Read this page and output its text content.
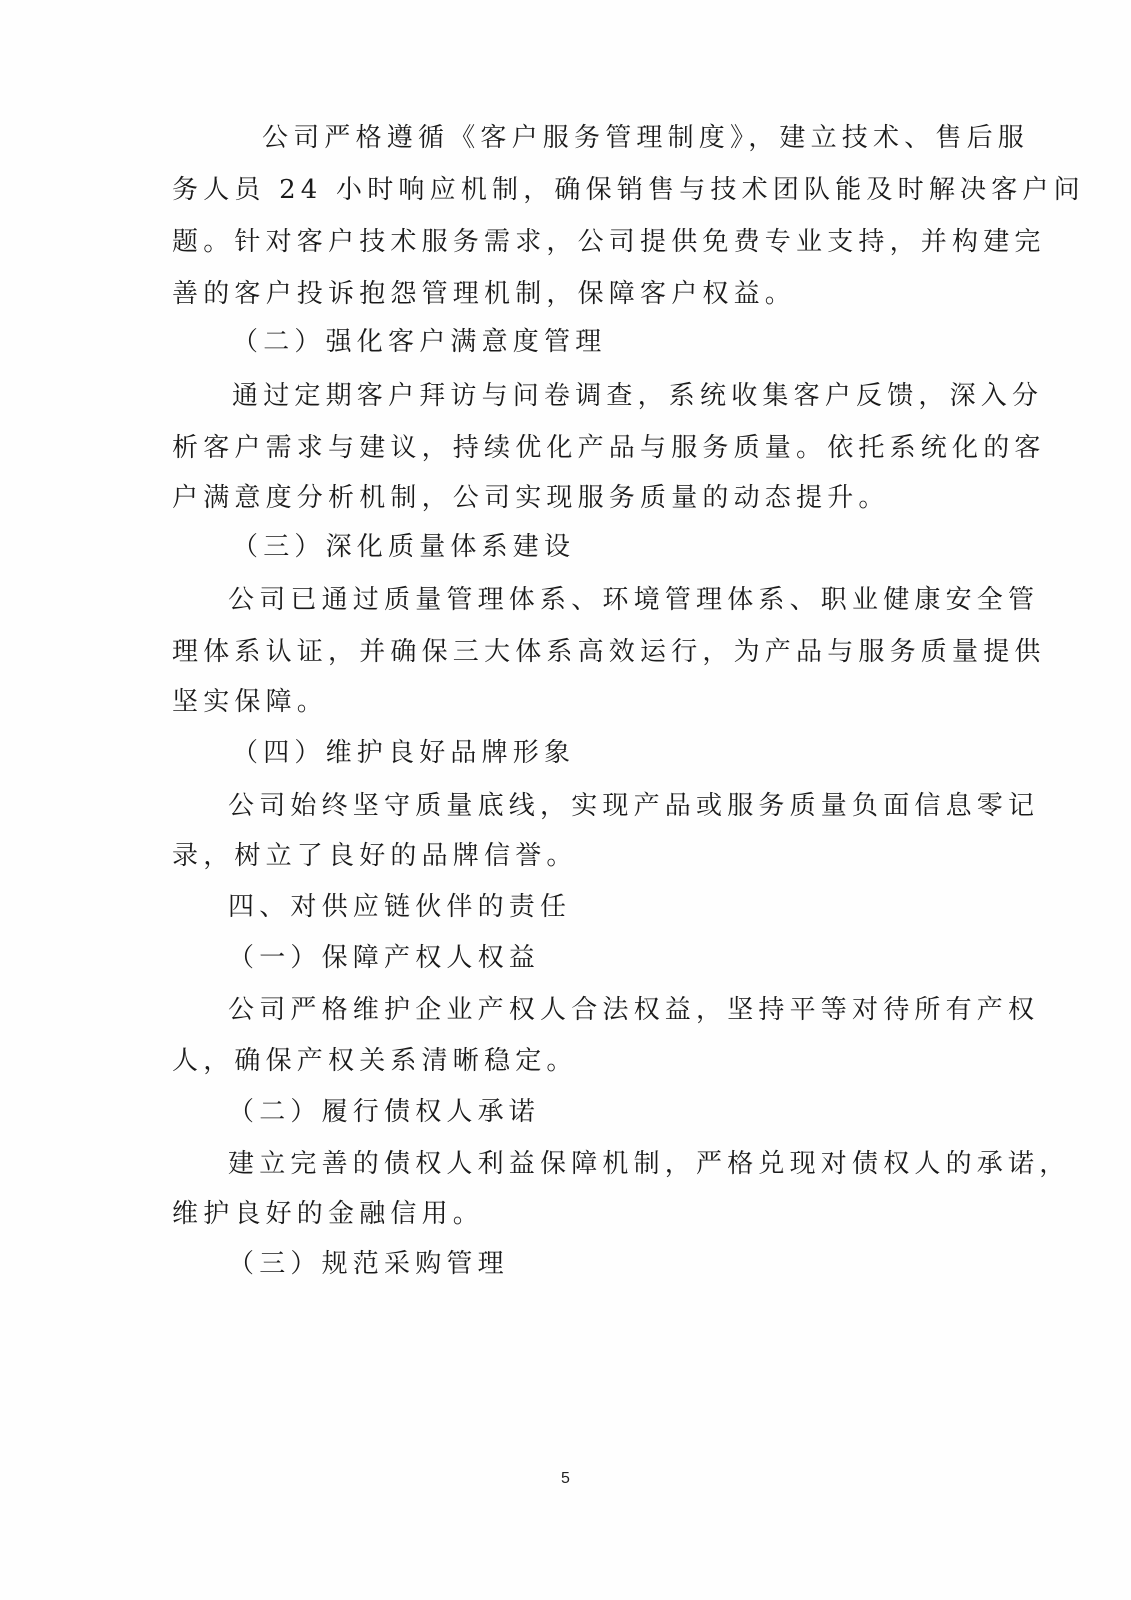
公司严格遵循《客户服务管理制度》，建立技术、售后服
务人员 24 小时响应机制，确保销售与技术团队能及时解决客户问
题。针对客户技术服务需求，公司提供免费专业支持，并构建完
善的客户投诉抱怨管理机制，保障客户权益。
（二）强化客户满意度管理
通过定期客户拜访与问卷调查，系统收集客户反馈，深入分
析客户需求与建议，持续优化产品与服务质量。依托系统化的客
户满意度分析机制，公司实现服务质量的动态提升。
（三）深化质量体系建设
公司已通过质量管理体系、环境管理体系、职业健康安全管
理体系认证，并确保三大体系高效运行，为产品与服务质量提供
坚实保障。
（四）维护良好品牌形象
公司始终坚守质量底线，实现产品或服务质量负面信息零记
录，树立了良好的品牌信誉。
四、对供应链伙伴的责任
（一）保障产权人权益
公司严格维护企业产权人合法权益，坚持平等对待所有产权
人，确保产权关系清晰稳定。
（二）履行债权人承诺
建立完善的债权人利益保障机制，严格兑现对债权人的承诺，
维护良好的金融信用。
（三）规范采购管理
5
